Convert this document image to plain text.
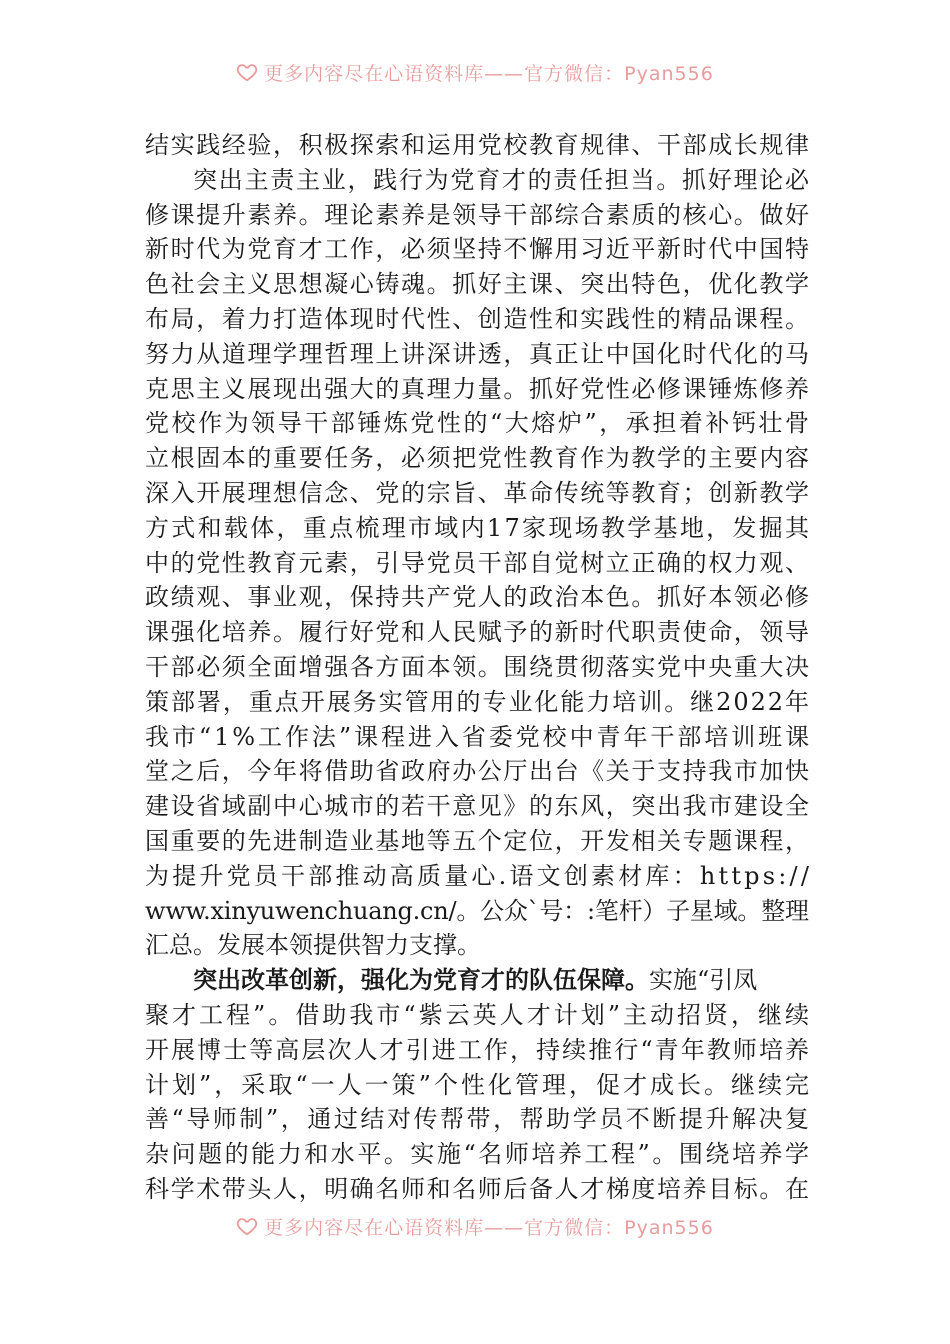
更多内容尽在心语资料库——官方微信：Pyan556
结实践经验，积极探索和运用党校教育规律、干部成长规律
突出主责主业，践行为党育才的责任担当。抓好理论必
修课提升素养。理论素养是领导干部综合素质的核心。做好
新时代为党育才工作，必须坚持不懈用习近平新时代中国特
色社会主义思想凝心铸魂。抓好主课、突出特色，优化教学
布局，着力打造体现时代性、创造性和实践性的精品课程。
努力从道理学理哲理上讲深讲透，真正让中国化时代化的马
克思主义展现出强大的真理力量。抓好党性必修课锤炼修养
党校作为领导干部锤炼党性的“大熔炉”，承担着补钙壮骨
立根固本的重要任务，必须把党性教育作为教学的主要内容
深入开展理想信念、党的宗旨、革命传统等教育；创新教学
方式和载体，重点梳理市域内17家现场教学基地，发掘其
中的党性教育元素，引导党员干部自觉树立正确的权力观、
政绩观、事业观，保持共产党人的政治本色。抓好本领必修
课强化培养。履行好党和人民赋予的新时代职责使命，领导
干部必须全面增强各方面本领。围绕贯彻落实党中央重大决
策部署，重点开展务实管用的专业化能力培训。继2022年
我市“1%工作法”课程进入省委党校中青年干部培训班课
堂之后，今年将借助省政府办公厅出台《关于支持我市加快
建设省域副中心城市的若干意见》的东风，突出我市建设全
国重要的先进制造业基地等五个定位，开发相关专题课程，
为提升党员干部推动高质量心.语文创素材库：https://
www.xinyuwenchuang.cn/。公众`号：:笔杆）子星域。整理
汇总。发展本领提供智力支撑。
突出改革创新，强化为党育才的队伍保障。 实施“引凤
聚才工程”。借助我市“紫云英人才计划”主动招贤，继续
开展博士等高层次人才引进工作，持续推行“青年教师培养
计划”，采取“一人一策”个性化管理，促才成长。继续完
善“导师制”，通过结对传帮带，帮助学员不断提升解决复
杂问题的能力和水平。实施“名师培养工程”。围绕培养学
科学术带头人，明确名师和名师后备人才梯度培养目标。在
更多内容尽在心语资料库——官方微信：Pyan556
